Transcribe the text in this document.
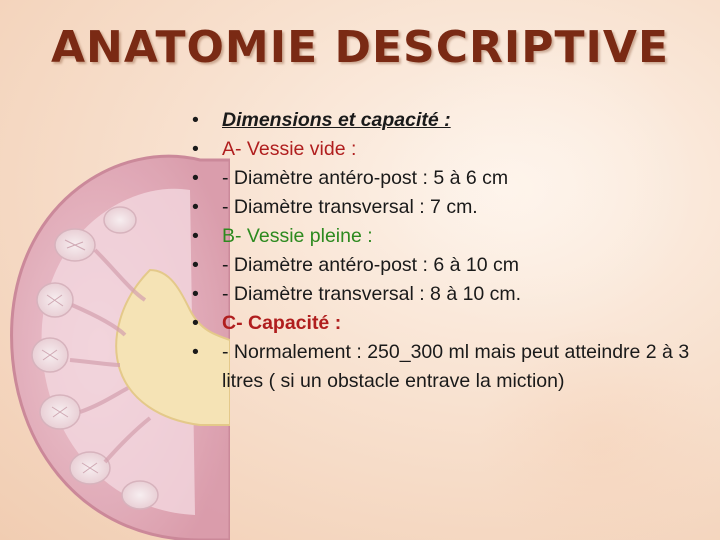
ANATOMIE DESCRIPTIVE
• Dimensions et capacité :
• A- Vessie vide :
• - Diamètre antéro-post : 5 à 6 cm
• - Diamètre transversal : 7 cm.
• B- Vessie pleine :
• - Diamètre antéro-post : 6 à 10 cm
• - Diamètre transversal : 8 à 10 cm.
• C- Capacité :
• - Normalement : 250_300 ml mais peut atteindre 2 à 3 litres ( si un obstacle entrave la miction)
